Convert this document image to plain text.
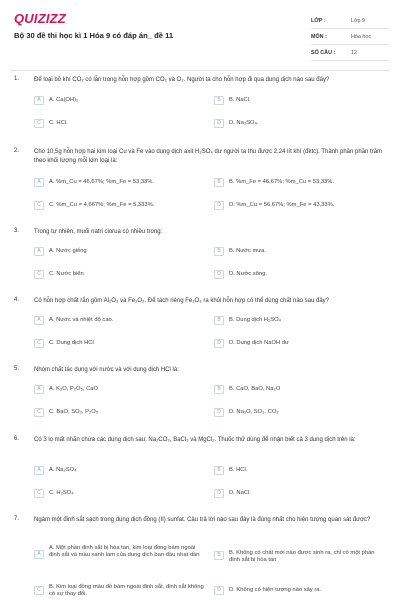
QUIZIZZ
Bộ 30 đề thi học kì 1 Hóa 9 có đáp án_ đề 11
LỚP :	Lớp 9
MÔN :	Hóa học
SỐ CÂU :	12
1. Để loại bỏ khí CO₂ có lẫn trong hỗn hợp gồm CO₂ và O₂. Người ta cho hỗn hợp đi qua dung dịch nào sau đây?
A	A. Ca(OH)₂	B	B. NaCl.
C	C. HCl.	D	D. Na₂SO₄.
2. Cho 10,5g hỗn hợp hai kim loại Cu và Fe vào dung dịch axit H₂SO₄ dư người ta thu được 2,24 lít khí (đktc). Thành phần phần trăm theo khối lượng mỗi kim loại là:
A	A. %m_Cu = 46,67%; %m_Fe = 53,33%.	B	B. %m_Fe = 46,67%; %m_Cu = 53,33%.
C	C. %m_Cu = 4,667%; %m_Fe = 5,333%.	D	D. %m_Cu = 56,67%; %m_Fe = 43,33%.
3. Trong tự nhiên, muối natri clorua có nhiều trong:
A	A. Nước giếng	B	B. Nước mưa.
C	C. Nước biển	D	D. Nước sông.
4. Có hỗn hợp chất rắn gồm Al₂O₃ và Fe₂O₃. Để tách riêng Fe₂O₃ ra khỏi hỗn hợp có thể dùng chất nào sau đây?
A	A. Nước và nhiệt độ cao.	B	B. Dung dịch H₂SO₄
C	C. Dung dịch HCl	D	D. Dung dịch NaOH dư
5. Nhóm chất tác dụng với nước và với dung dịch HCl là:
A	A. K₂O, P₂O₅, CaO	B	B. CaO, BaO, Na₂O
C	C. BaO, SO₃, P₂O₅	D	D. Na₂O, SO₃, CO₂
6. Có 3 lọ mất nhãn chứa các dung dịch sau: Na₂CO₃, BaCl₂ và MgCl₂. Thuốc thử dùng để nhận biết cả 3 dung dịch trên là:
A	A. Na₂SO₄	B	B. HCl.
C	C. H₂SO₄	D	D. NaCl.
7. Ngâm một đinh sắt sạch trong dung dịch đồng (II) sunfat. Câu trả lời nào sau đây là đúng nhất cho hiện tượng quan sát được?
A
A. Một phần đinh sắt bị hòa tan, kim loại đồng bám ngoài đinh sắt và màu xanh lam của dung dịch ban đầu nhạt dần	B	B. Không có chất mới nào được sinh ra, chỉ có một phần đinh sắt bị hòa tan
C	B. Kim loại đồng màu đỏ bám ngoài đinh sắt, đinh sắt không có sự thay đổi.
D	D. Không có hiện tượng nào xảy ra.
